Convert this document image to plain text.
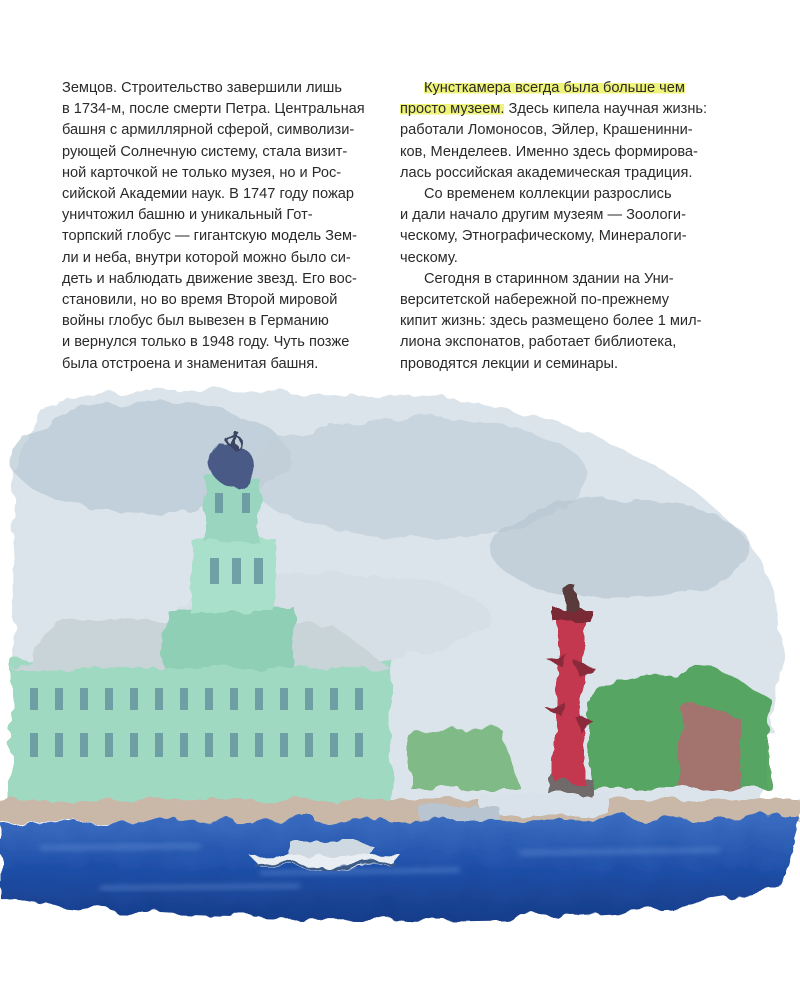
Земцов. Строительство завершили лишь
в 1734-м, после смерти Петра. Центральная
башня с армиллярной сферой, символизи-
рующей Солнечную систему, стала визит-
ной карточкой не только музея, но и Рос-
сийской Академии наук. В 1747 году пожар
уничтожил башню и уникальный Гот-
торпский глобус — гигантскую модель Зем-
ли и неба, внутри которой можно было си-
деть и наблюдать движение звезд. Его вос-
становили, но во время Второй мировой
войны глобус был вывезен в Германию
и вернулся только в 1948 году. Чуть позже
была отстроена и знаменитая башня.
Кунсткамера всегда была больше чем
просто музеем. Здесь кипела научная жизнь:
работали Ломоносов, Эйлер, Крашенинни-
ков, Менделеев. Именно здесь формирова-
лась российская академическая традиция.
Со временем коллекции разрослись
и дали начало другим музеям — Зоологи-
ческому, Этнографическому, Минералоги-
ческому.
Сегодня в старинном здании на Уни-
верситетской набережной по-прежнему
кипит жизнь: здесь размещено более 1 мил-
лиона экспонатов, работает библиотека,
проводятся лекции и семинары.
